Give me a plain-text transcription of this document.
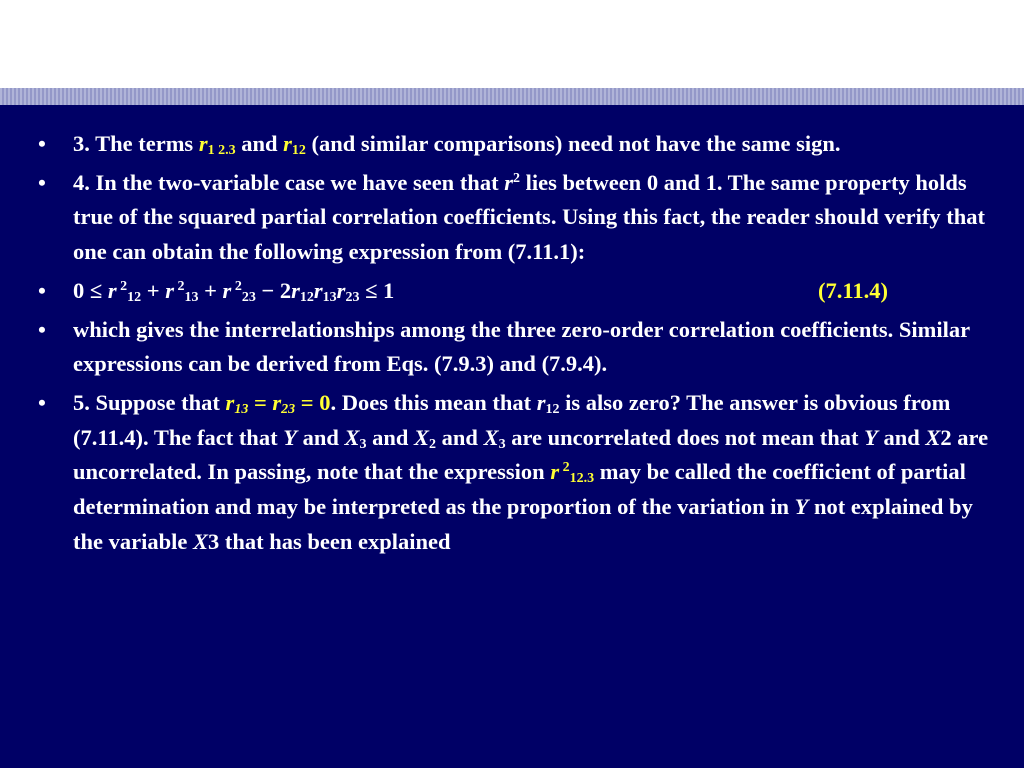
• 3. The terms $r_{1 2.3}$ and $r_{12}$ (and similar comparisons) need not have the same sign.
• 4. In the two-variable case we have seen that $r^2$ lies between 0 and 1. The same property holds true of the squared partial correlation coefficients. Using this fact, the reader should verify that one can obtain the following expression from (7.11.1):
• 0 ≤ r $^2_{12}$ + r $^2_{13}$ + r $^2_{23} - 2r_{12}r_{13}r_{23} \le 1$	(7.11.4)
• which gives the interrelationships among the three zero-order correlation coefficients. Similar expressions can be derived from Eqs. (7.9.3) and (7.9.4).
• 5. Suppose that $r_{13} = r_{23} = 0$. Does this mean that $r_{12}$ is also zero? The answer is obvious from (7.11.4). The fact that Y and $X_3$ and $X_2$ and $X_3$ are uncorrelated does not mean that Y and X2 are uncorrelated. In passing, note that the expression r $^2_{12.3}$ may be called the coefficient of partial determination and may be interpreted as the proportion of the variation in Y not explained by the variable X3 that has been explained
